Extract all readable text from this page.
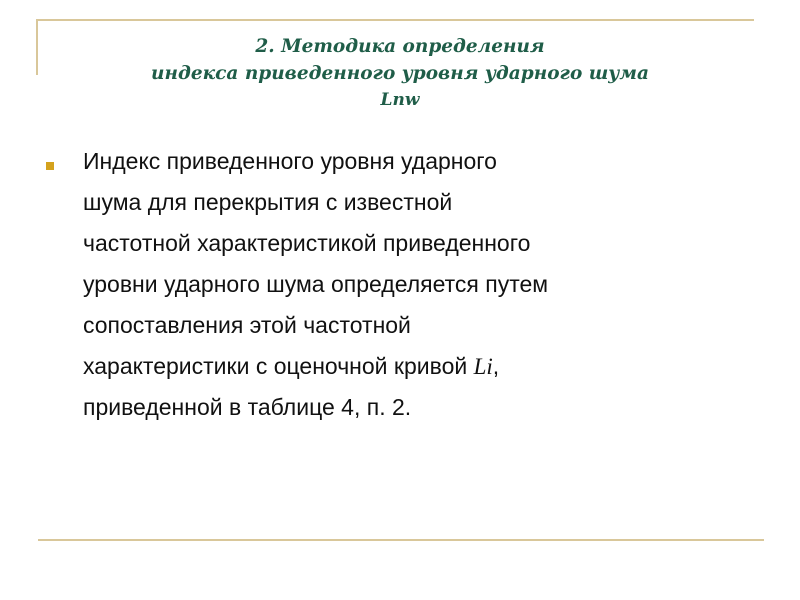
2. Методика определения
индекса приведенного уровня ударного шума
Lnw
Индекс приведенного уровня ударного
шума для перекрытия с известной
частотной характеристикой приведенного
уровни ударного шума определяется путем
сопоставления этой частотной
характеристики с оценочной кривой Li,
приведенной в таблице 4, п. 2.
